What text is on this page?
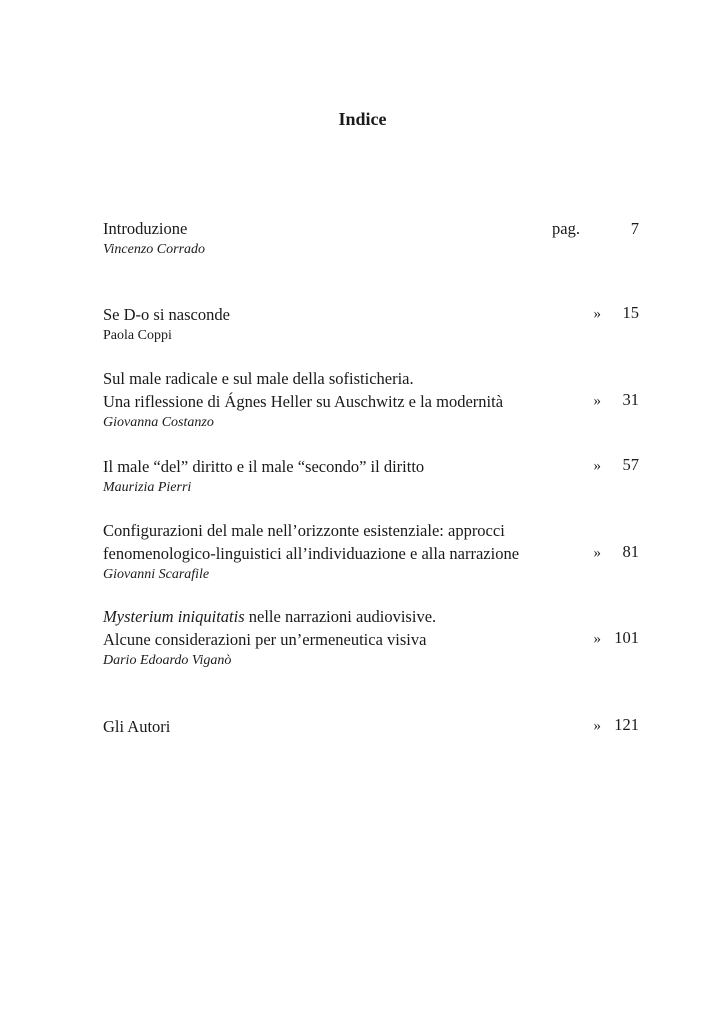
Indice
Introduzione	pag.	7
Vincenzo Corrado
Se D-o si nasconde	» 15
Paola Coppi
Sul male radicale e sul male della sofisticheria.
Una riflessione di Ágnes Heller su Auschwitz e la modernità	» 31
Giovanna Costanzo
Il male “del” diritto e il male “secondo” il diritto	» 57
Maurizia Pierri
Configurazioni del male nell’orizzonte esistenziale: approcci
fenomenologico-linguistici all’individuazione e alla narrazione	» 81
Giovanni Scarafile
Mysterium iniquitatis nelle narrazioni audiovisive.
Alcune considerazioni per un’ermeneutica visiva	» 101
Dario Edoardo Viganò
Gli Autori	» 121
